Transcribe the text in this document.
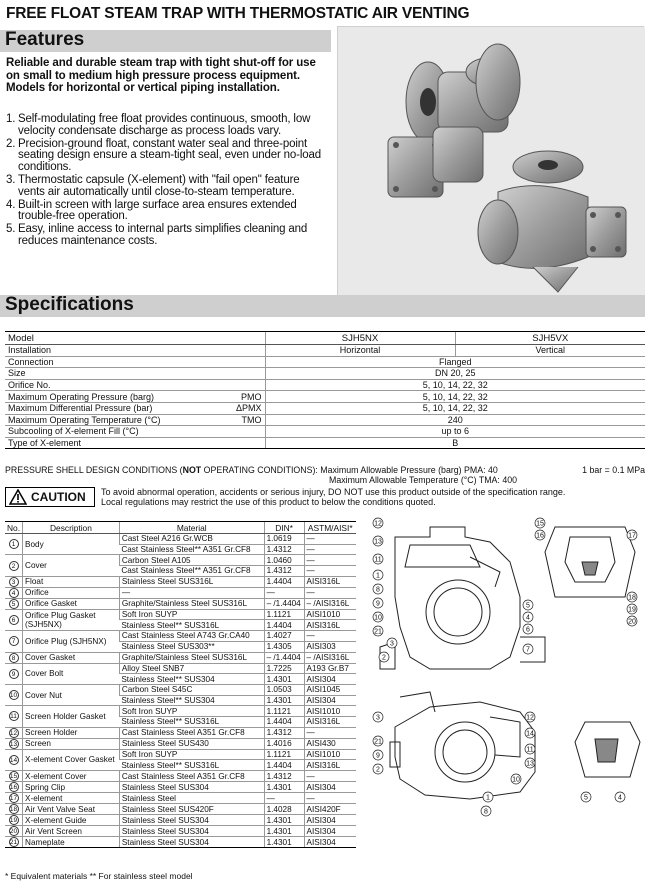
FREE FLOAT STEAM TRAP WITH THERMOSTATIC AIR VENTING
Features
Reliable and durable steam trap with tight shut-off for use on small to medium high pressure process equipment. Models for horizontal or vertical piping installation.
1. Self-modulating free float provides continuous, smooth, low velocity condensate discharge as process loads vary.
2. Precision-ground float, constant water seal and three-point seating design ensure a steam-tight seal, even under no-load conditions.
3. Thermostatic capsule (X-element) with "fail open" feature vents air automatically until close-to-steam temperature.
4. Built-in screen with large surface area ensures extended trouble-free operation.
5. Easy, inline access to internal parts simplifies cleaning and reduces maintenance costs.
Specifications
Model		SJH5NX	SJH5VX
Installation		Horizontal	Vertical
Connection		Flanged	
Size		DN 20, 25	
Orifice No.		5, 10, 14, 22, 32	
Maximum Operating Pressure (barg)	PMO	5, 10, 14, 22, 32	
Maximum Differential Pressure (bar)	ΔPMX	5, 10, 14, 22, 32	
Maximum Operating Temperature (°C)	TMO	240	
Subcooling of X-element Fill (°C)		up to 6	
Type of X-element		B	
PRESSURE SHELL DESIGN CONDITIONS (NOT OPERATING CONDITIONS): Maximum Allowable Pressure (barg) PMA: 40	1 bar = 0.1 MPa
Maximum Allowable Temperature (°C) TMA: 400
CAUTION To avoid abnormal operation, accidents or serious injury, DO NOT use this product outside of the specification range.
Local regulations may restrict the use of this product to below the conditions quoted.
No.	Description	Material	DIN*	ASTM/AISI*
1	Body	Cast Steel A216 Gr.WCB	1.0619	—
		Cast Stainless Steel** A351 Gr.CF8	1.4312	—
2	Cover	Carbon Steel A105	1.0460	—
		Cast Stainless Steel** A351 Gr.CF8	1.4312	—
3	Float	Stainless Steel SUS316L	1.4404	AISI316L
4	Orifice	—	—	—
5	Orifice Gasket	Graphite/Stainless Steel SUS316L	– /1.4404	– /AISI316L
6	Orifice Plug Gasket (SJH5NX)	Soft Iron SUYP	1.1121	AISI1010
		Stainless Steel** SUS316L	1.4404	AISI316L
7	Orifice Plug (SJH5NX)	Cast Stainless Steel A743 Gr.CA40	1.4027	—
		Stainless Steel SUS303**	1.4305	AISI303
8	Cover Gasket	Graphite/Stainless Steel SUS316L	– /1.4404	– /AISI316L
9	Cover Bolt	Alloy Steel SNB7	1.7225	A193 Gr.B7
		Stainless Steel** SUS304	1.4301	AISI304
10	Cover Nut	Carbon Steel S45C	1.0503	AISI1045
		Stainless Steel** SUS304	1.4301	AISI304
11	Screen Holder Gasket	Soft Iron SUYP	1.1121	AISI1010
		Stainless Steel** SUS316L	1.4404	AISI316L
12	Screen Holder	Cast Stainless Steel A351 Gr.CF8	1.4312	—
13	Screen	Stainless Steel SUS430	1.4016	AISI430
14	X-element Cover Gasket	Soft Iron SUYP	1.1121	AISI1010
		Stainless Steel** SUS316L	1.4404	AISI316L
15	X-element Cover	Cast Stainless Steel A351 Gr.CF8	1.4312	—
16	Spring Clip	Stainless Steel SUS304	1.4301	AISI304
17	X-element	Stainless Steel	—	—
18	Air Vent Valve Seat	Stainless Steel SUS420F	1.4028	AISI420F
19	X-element Guide	Stainless Steel SUS304	1.4301	AISI304
20	Air Vent Screen	Stainless Steel SUS304	1.4301	AISI304
21	Nameplate	Stainless Steel SUS304	1.4301	AISI304
* Equivalent materials ** For stainless steel model
12
13
11
1
8
9
10
21
3
2
4
5
6
7
15
16	17
18
19
20
3
21
9
2
10
14
12
11
13
1
8
5	4
